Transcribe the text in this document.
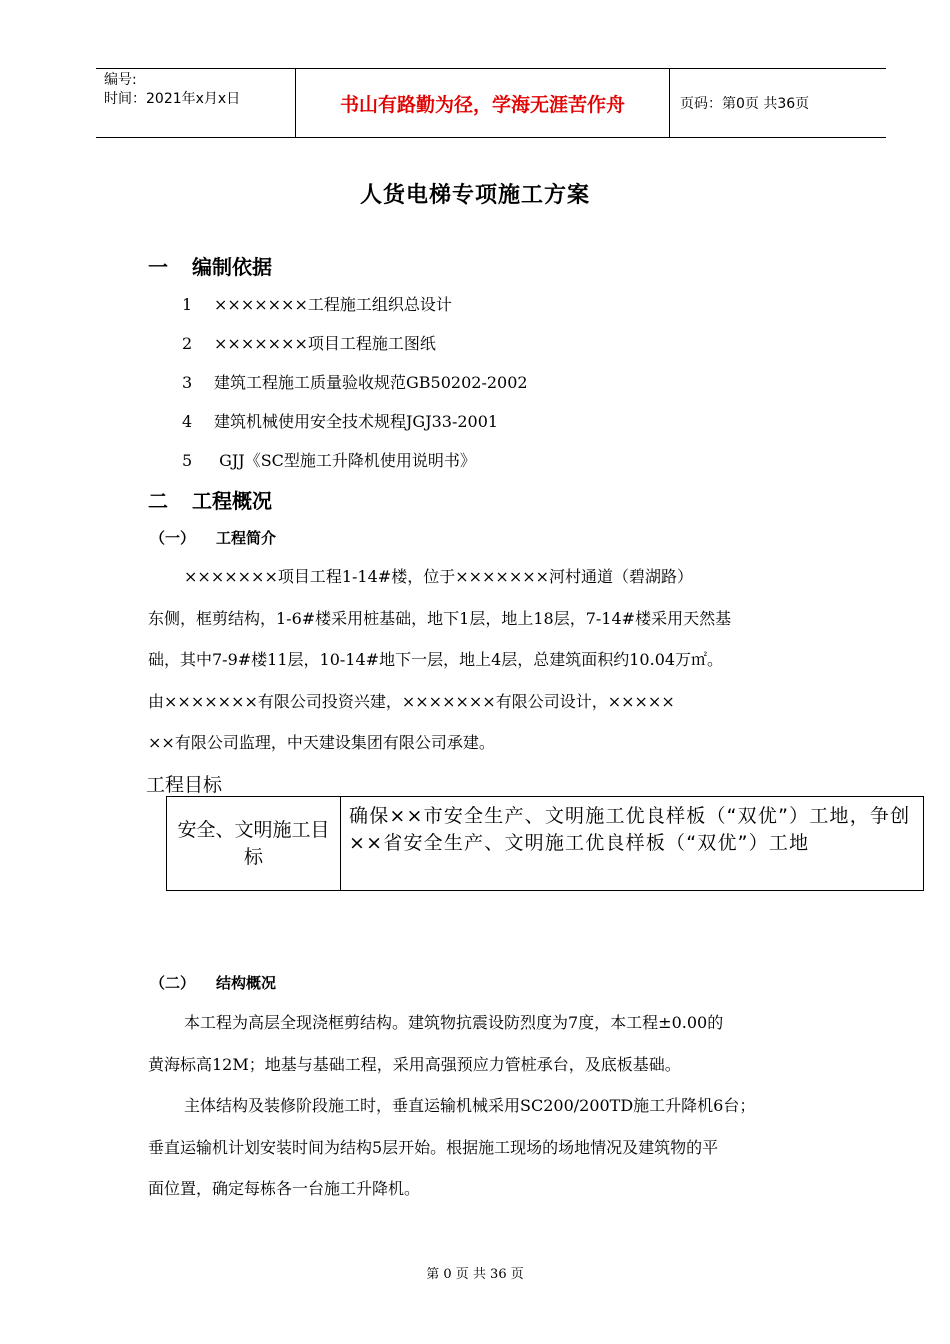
编号:
时间：2021年x月x日	书山有路勤为径，学海无涯苦作舟	页码：第0页 共36页
人货电梯专项施工方案
一 编制依据
1 ×××××××工程施工组织总设计
2 ×××××××项目工程施工图纸
3 建筑工程施工质量验收规范GB50202-2002
4 建筑机械使用安全技术规程JGJ33-2001
5 GJJ《SC型施工升降机使用说明书》
二 工程概况
（一） 工程简介
×××××××项目工程1-14#楼，位于×××××××河村通道（碧湖路）
东侧，框剪结构，1-6#楼采用桩基础，地下1层，地上18层，7-14#楼采用天然基
础，其中7-9#楼11层，10-14#地下一层，地上4层，总建筑面积约10.04万㎡。
由×××××××有限公司投资兴建，×××××××有限公司设计，×××××
××有限公司监理，中天建设集团有限公司承建。
工程目标
安全、文明施工目标
确保××市安全生产、文明施工优良样板（“双优”）工地，争创××省安全生产、文明施工优良样板（“双优”）工地
（二） 结构概况
本工程为高层全现浇框剪结构。建筑物抗震设防烈度为7度，本工程±0.00的
黄海标高12M；地基与基础工程，采用高强预应力管桩承台，及底板基础。
主体结构及装修阶段施工时，垂直运输机械采用SC200/200TD施工升降机6台；
垂直运输机计划安装时间为结构5层开始。根据施工现场的场地情况及建筑物的平
面位置，确定每栋各一台施工升降机。
第 0 页 共 36 页
